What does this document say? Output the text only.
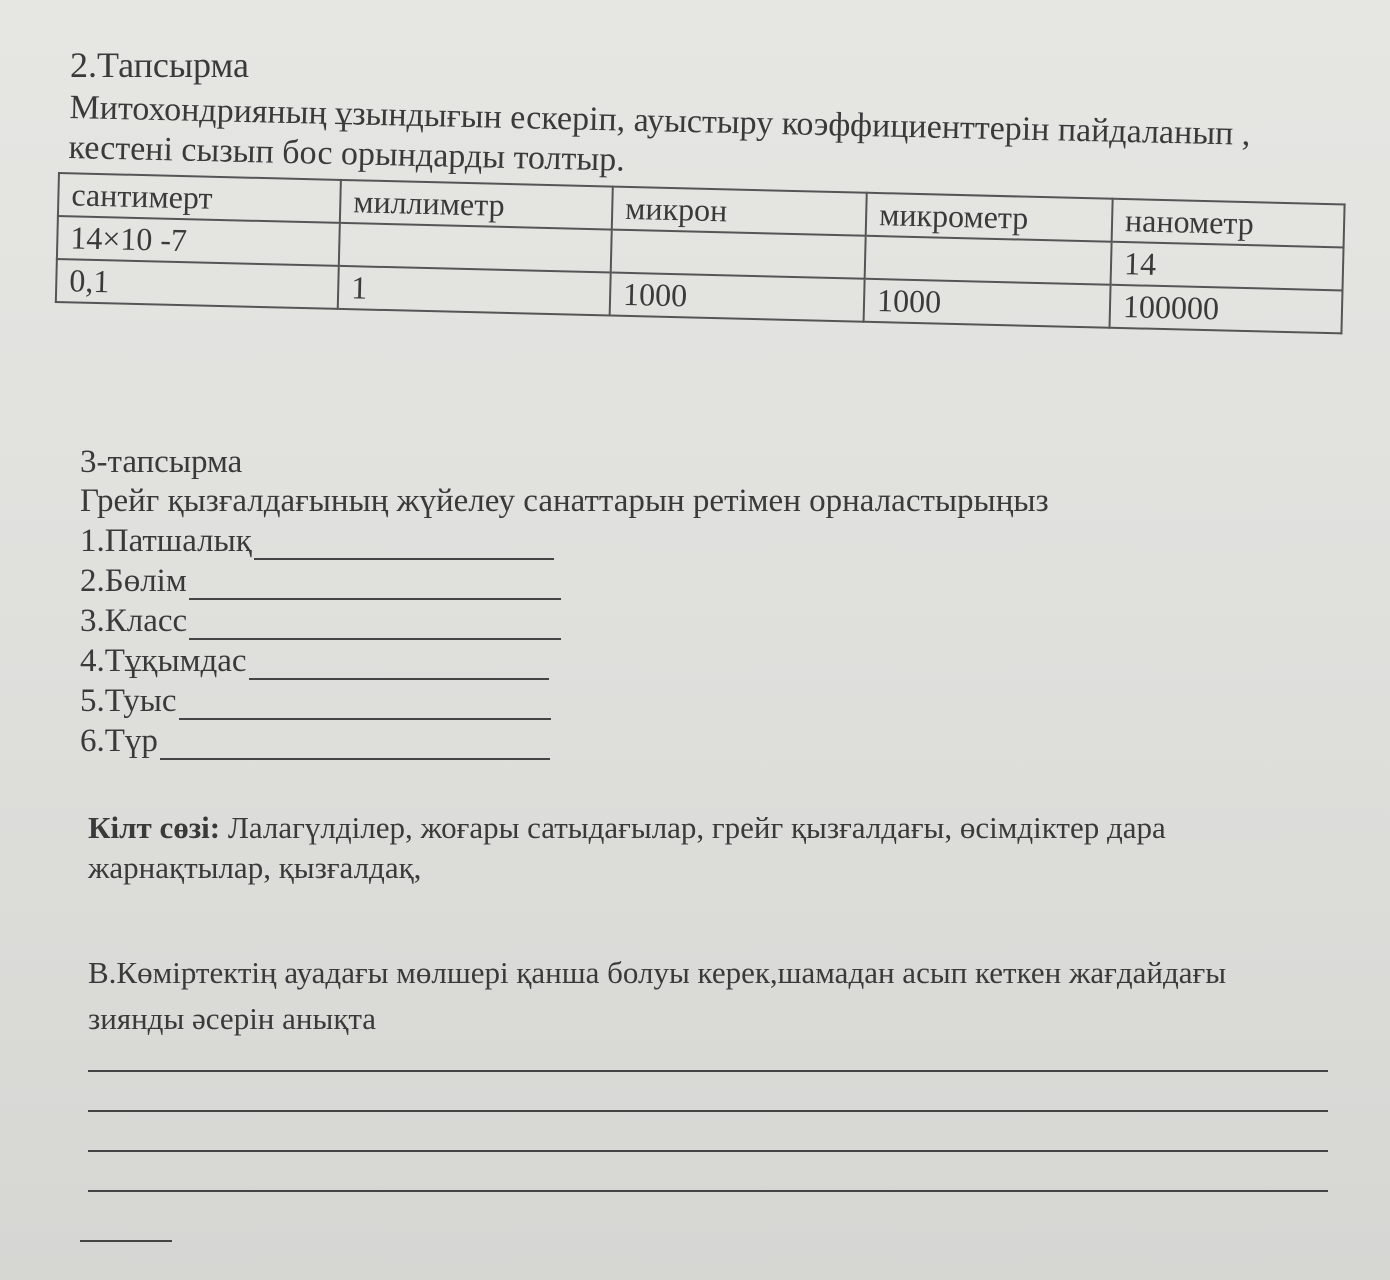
2.Тапсырма
Митохондрияның ұзындығын ескеріп, ауыстыру коэффициенттерін пайдаланып , кестені сызып бос орындарды толтыр.
сантимерт	миллиметр	микрон	микрометр	нанометр
14×10 -7				14
0,1	1	1000	1000	100000
3-тапсырма
Грейг қызғалдағының жүйелеу санаттарын ретімен орналастырыңыз
1.Патшалық
2.Бөлім
3.Класс
4.Тұқымдас
5.Туыс
6.Түр
Кілт сөзі: Лалагүлділер, жоғары сатыдағылар, грейг қызғалдағы, өсімдіктер дара жарнақтылар, қызғалдақ,
В.Көміртектің ауадағы мөлшері қанша болуы керек,шамадан асып кеткен жағдайдағы зиянды әсерін анықта
